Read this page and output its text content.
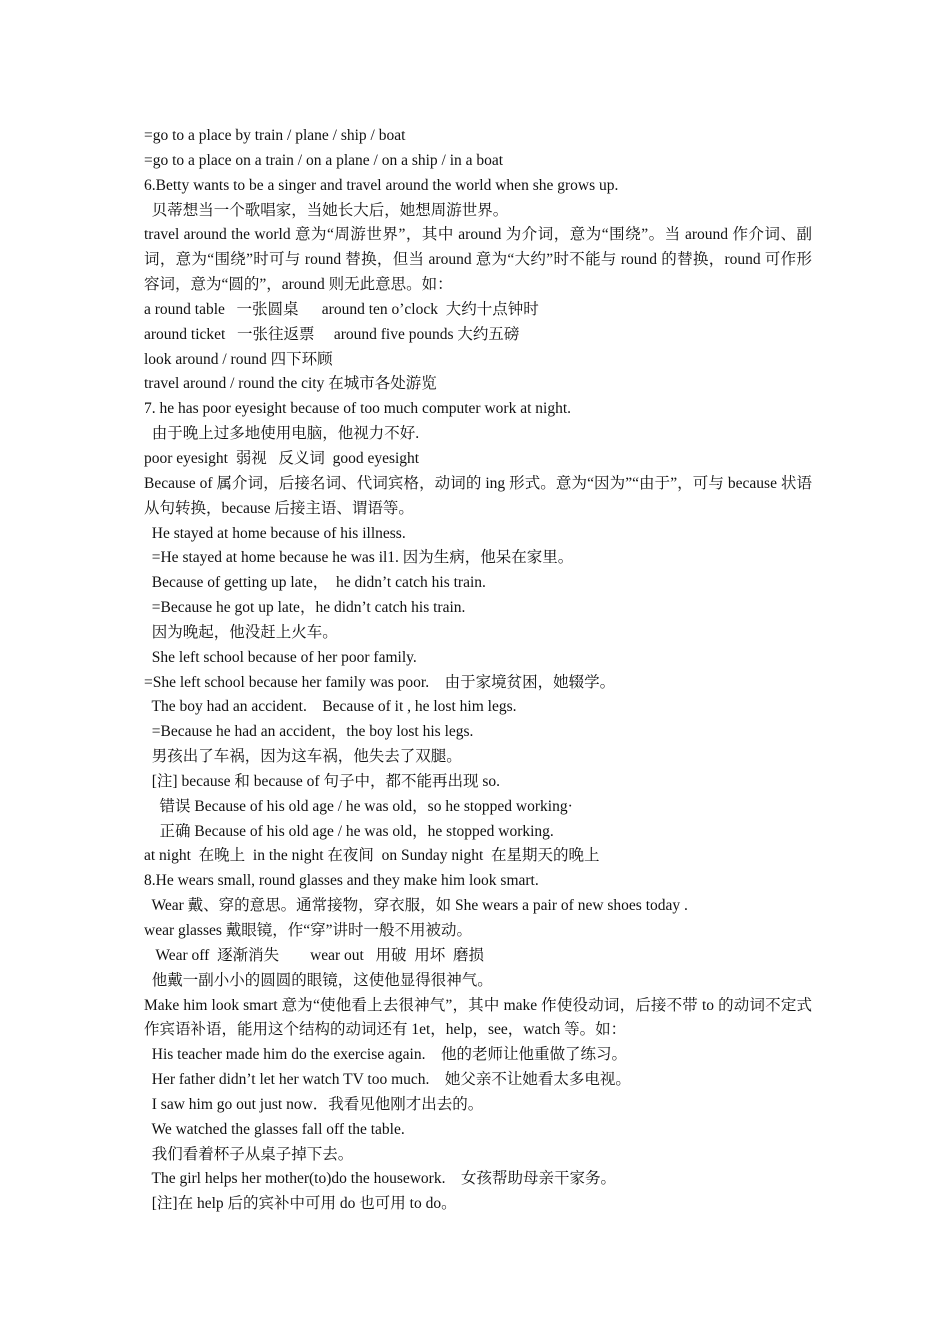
=go to a place by train / plane / ship / boat
=go to a place on a train / on a plane / on a ship / in a boat
6.Betty wants to be a singer and travel around the world when she grows up.
贝蒂想当一个歌唱家，当她长大后，她想周游世界。
travel around the world 意为“周游世界”，其中 around 为介词，意为“围绕”。当 around 作介词、副词，意为“围绕”时可与 round 替换，但当 around 意为“大约”时不能与 round 的替换，round 可作形容词，意为“圆的”，around 则无此意思。如：
a round table   一张圆桌      around ten o’clock  大约十点钟时
around ticket   一张往返票     around five pounds 大约五磅
look around / round 四下环顾
travel around / round the city 在城市各处游览
7. he has poor eyesight because of too much computer work at night.
由于晚上过多地使用电脑，他视力不好.
poor eyesight  弱视   反义词  good eyesight
Because of 属介词，后接名词、代词宾格，动词的 ing 形式。意为“因为”“由于”，可与 because 状语从句转换，because 后接主语、谓语等。
He stayed at home because of his illness.
=He stayed at home because he was il1. 因为生病，他呆在家里。
Because of getting up late，  he didn’t catch his train.
=Because he got up late，he didn’t catch his train.
因为晚起，他没赶上火车。
She left school because of her poor family.
=She left school because her family was poor.    由于家境贫困，她辍学。
The boy had an accident.    Because of it , he lost him legs.
=Because he had an accident，the boy lost his legs.
男孩出了车祸，因为这车祸，他失去了双腿。
[注] because 和 because of 句子中，都不能再出现 so.
错误 Because of his old age / he was old，so he stopped working·
正确 Because of his old age / he was old，he stopped working.
at night  在晚上  in the night 在夜间  on Sunday night  在星期天的晚上
8.He wears small, round glasses and they make him look smart.
Wear 戴、穿的意思。通常接物，穿衣服，如 She wears a pair of new shoes today .
wear glasses 戴眼镜，作“穿”讲时一般不用被动。
Wear off  逐渐消失        wear out   用破  用坏  磨损
他戴一副小小的圆圆的眼镜，这使他显得很神气。
Make him look smart 意为“使他看上去很神气”，其中 make 作使役动词，后接不带 to 的动词不定式作宾语补语，能用这个结构的动词还有 1et，help，see，watch 等。如：
His teacher made him do the exercise again.    他的老师让他重做了练习。
Her father didn’t let her watch TV too much.    她父亲不让她看太多电视。
I saw him go out just now．我看见他刚才出去的。
We watched the glasses fall off the table.
我们看着杯子从桌子掉下去。
The girl helps her mother(to)do the housework.    女孩帮助母亲干家务。
[注]在 help 后的宾补中可用 do 也可用 to do。
